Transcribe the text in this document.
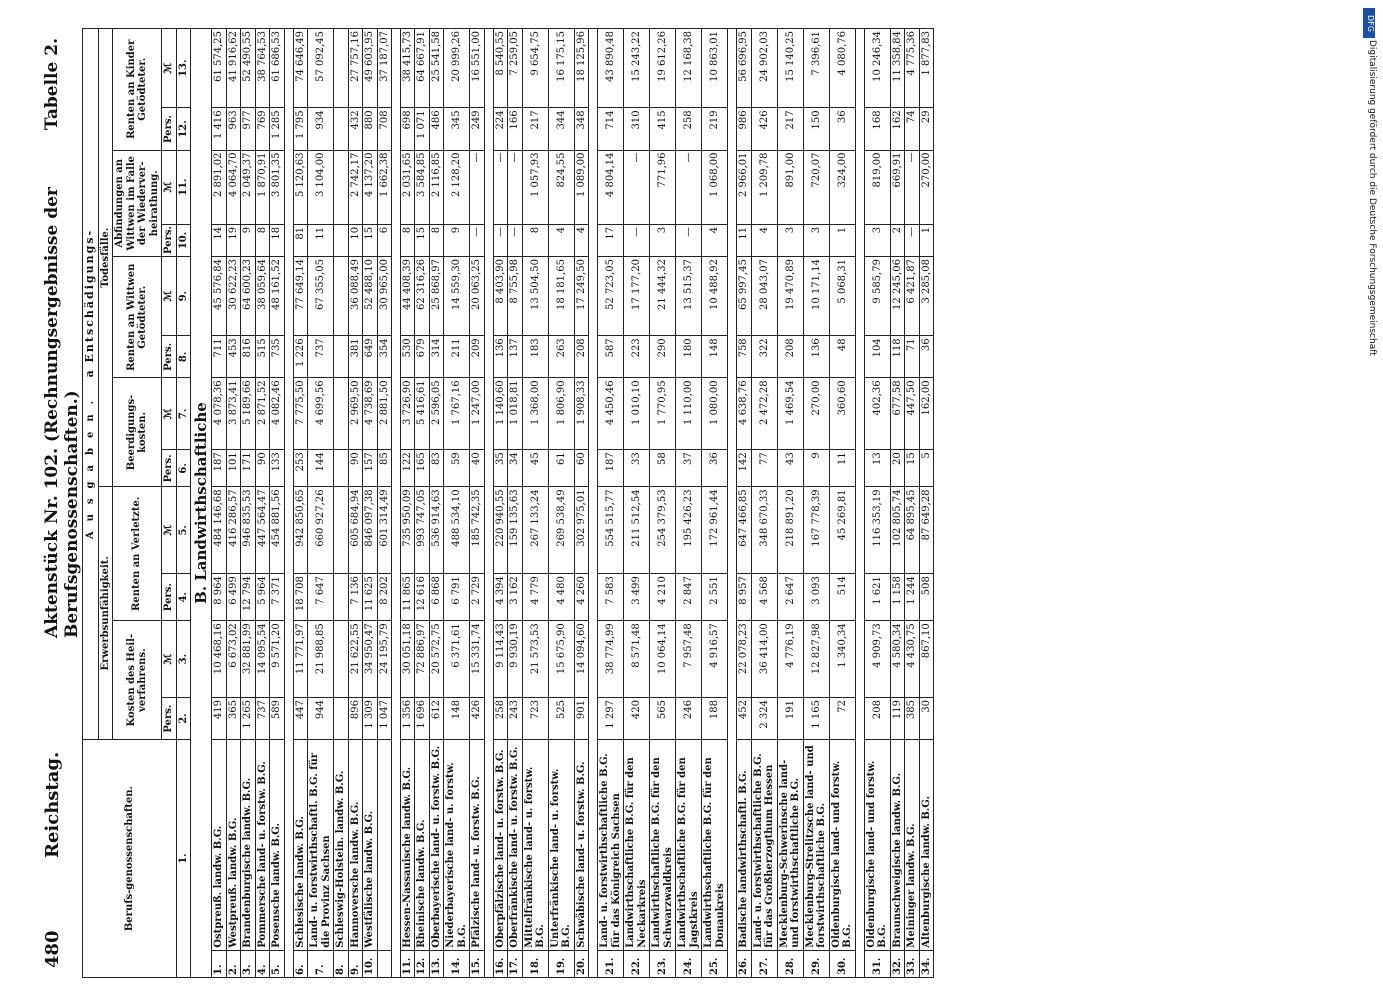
480
Reichstag.
Aktenstück Nr. 102. (Rechnungsergebnisse der Berufsgenossenschaften.)
Tabelle 2.
Berufs-genossenschaften.		Ausgaben. a Entschädigungs-											
		Erwerbsunfähigkeit.				Todesfälle.							
		Kosten des Heil-verfahrens.		Renten an Verletzte.		Beerdigungs-kosten.		Renten an Wittwen Getödteter.		Abfindungen an Wittwen im Falle der Wiederver-heirathung.		Renten an Kinder Getödteter.	
		Pers.	ℳ	Pers.	ℳ	Pers.	ℳ	Pers.	ℳ	Pers.	ℳ	Pers.	ℳ
1.		2.	3.	4.	5.	6.	7.	8.	9.	10.	11.	12.	13.
B. Landwirthschaftliche													
1.	Ostpreuß. landw. B.G.	419	10 468,16	8 964	484 146,68	187	4 078,36	711	45 576,84	14	2 891,02	1 416	61 574,25
2.	Westpreuß. landw. B.G.	365	6 673,02	6 499	416 286,57	101	3 873,41	453	30 622,23	19	4 064,70	963	41 916,62
3.	Brandenburgische landw. B.G.	1 265	32 881,99	12 794	946 835,53	171	5 189,66	816	64 600,23	9	2 049,37	977	52 490,55
4.	Pommersche land- u. forstw. B.G.	737	14 095,54	5 964	447 564,47	90	2 871,52	515	38 059,64	8	1 870,91	769	38 764,53
5.	Posensche landw. B.G.	589	9 571,20	7 371	454 881,56	133	4 082,46	735	48 161,52	18	3 801,35	1 285	61 686,53

6.	Schlesische landw. B.G.	447	11 771,97	18 708	942 850,65	253	7 775,50	1 226	77 649,14	81	5 120,63	1 795	74 646,49
7.	Land- u. forstwirthschaftl. B.G. für die Provinz Sachsen	944	21 988,85	7 647	660 927,26	144	4 699,56	737	67 355,05	11	3 104,00	934	57 092,45
8.	Schleswig-Holstein. landw. B.G.												
9.	Hannoversche landw. B.G.	896	21 622,55	7 136	605 684,94	90	2 969,50	381	36 088,49	10	2 742,17	432	27 757,16
10.	Westfälische landw. B.G.	1 309	34 950,47	11 625	846 097,38	157	4 738,69	649	52 488,10	15	4 137,20	880	49 603,95
		1 047	24 195,79	8 202	601 314,49	85	2 881,50	354	30 965,00	6	1 662,38	708	37 187,07

11.	Hessen-Nassauische landw. B.G.	1 356	30 051,18	11 865	735 950,09	122	3 726,90	530	44 408,39	8	2 031,65	698	38 415,73
12.	Rheinische landw. B.G.	1 696	72 886,97	12 616	993 747,05	165	5 416,61	679	62 316,26	15	3 584,85	1 071	64 667,91
13.	Oberbayerische land- u. forstw. B.G.	612	20 572,75	6 868	536 914,63	83	2 596,05	314	25 868,97	8	2 116,85	486	25 541,58
14.	Niederbayerische land- u. forstw. B.G.	148	6 371,61	6 791	488 534,10	59	1 767,16	211	14 559,30	9	2 128,20	345	20 999,26
15.	Pfälzische land- u. forstw. B.G.	426	15 331,74	2 729	185 742,35	40	1 247,00	209	20 063,25	—	—	249	16 551,00

16.	Oberpfälzische land- u. forstw. B.G.	258	9 114,43	4 394	220 940,55	35	1 140,60	136	8 403,90	—	—	224	8 540,55
17.	Oberfränkische land- u. forstw. B.G.	243	9 930,19	3 162	159 135,63	34	1 018,81	137	8 755,98	—	—	166	7 259,05
18.	Mittelfränkische land- u. forstw. B.G.	723	21 573,53	4 779	267 133,24	45	1 368,00	183	13 504,50	8	1 057,93	217	9 654,75
19.	Unterfränkische land- u. forstw. B.G.	525	15 675,90	4 480	269 538,49	61	1 806,90	263	18 181,65	4	824,55	344	16 175,15
20.	Schwäbische land- u. forstw. B.G.	901	14 094,60	4 260	302 975,01	60	1 908,33	208	17 249,50	4	1 089,00	348	18 125,96

21.	Land- u. forstwirthschaftliche B.G. für das Königreich Sachsen	1 297	38 774,99	7 583	554 515,77	187	4 450,46	587	52 723,05	17	4 804,14	714	43 890,48
22.	Landwirthschaftliche B.G. für den Neckarkreis	420	8 571,48	3 499	211 512,54	33	1 010,10	223	17 177,20	—	—	310	15 243,22
23.	Landwirthschaftliche B.G. für den Schwarzwaldkreis	565	10 064,14	4 210	254 379,53	58	1 770,95	290	21 444,32	3	771,96	415	19 612,26
24.	Landwirthschaftliche B.G. für den Jagstkreis	246	7 957,48	2 847	195 426,23	37	1 110,00	180	13 515,37	—	—	258	12 168,38
25.	Landwirthschaftliche B.G. für den Donaukreis	188	4 916,57	2 551	172 961,44	36	1 080,00	148	10 488,92	4	1 068,00	219	10 863,01

26.	Badische landwirthschaftl. B.G.	452	22 078,23	8 957	647 466,85	142	4 638,76	758	65 997,45	11	2 966,01	986	56 696,95
27.	Land- u. forstwirthschaftliche B.G. für das Großherzogthum Hessen	2 324	36 414,00	4 568	348 670,33	77	2 472,28	322	28 043,07	4	1 209,78	426	24 902,03
28.	Mecklenburg-Schwerinsche land- und forstwirthschaftliche B.G.	191	4 776,19	2 647	218 891,20	43	1 469,54	208	19 470,89	3	891,00	217	15 140,25
29.	Mecklenburg-Strelitzsche land- und forstwirthschaftliche B.G.	1 165	12 827,98	3 093	167 778,39	9	270,00	136	10 171,14	3	720,07	150	7 396,61
30.	Oldenburgische land- und forstw. B.G.	72	1 340,34	514	45 269,81	11	360,60	48	5 068,31	1	324,00	36	4 080,76

31.	Oldenburgische land- und forstw. B.G.	208	4 909,73	1 621	116 353,19	13	402,36	104	9 585,79	3	819,00	168	10 246,34
32.	Braunschweigische landw. B.G.	119	4 580,34	1 158	102 805,74	20	677,58	118	12 245,06	2	669,91	162	11 358,84
33.	Meininger landw. B.G.	385	4 430,75	1 244	64 895,45	15	447,50	71	6 421,87	—	—	74	4 775,36
34.	Altenburgische landw. B.G.	30	867,10	508	87 649,28	5	162,00	36	3 285,08	1	270,00	29	1 877,83
DFG
Digitalisierung gefördert durch die Deutsche Forschungsgemeinschaft
